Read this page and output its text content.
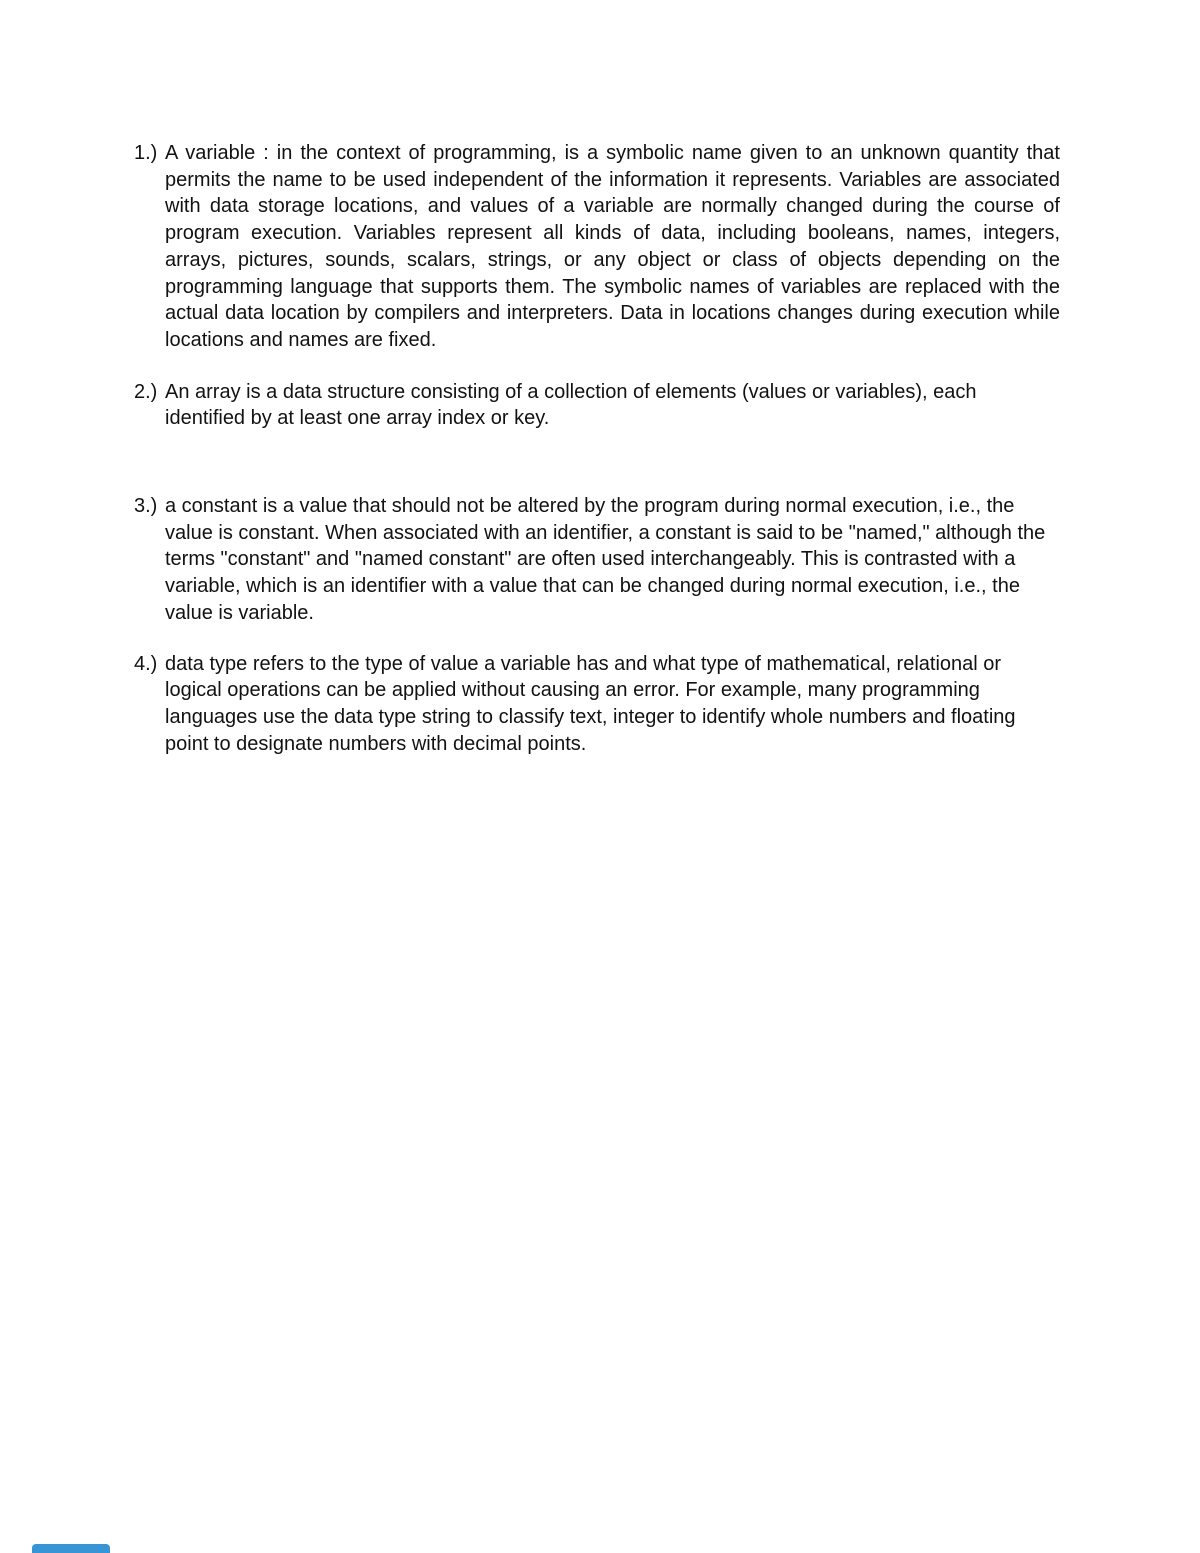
1.) A variable : in the context of programming, is a symbolic name given to an unknown quantity that permits the name to be used independent of the information it represents. Variables are associated with data storage locations, and values of a variable are normally changed during the course of program execution. Variables represent all kinds of data, including booleans, names, integers, arrays, pictures, sounds, scalars, strings, or any object or class of objects depending on the programming language that supports them. The symbolic names of variables are replaced with the actual data location by compilers and interpreters. Data in locations changes during execution while locations and names are fixed.

2.) An array is a data structure consisting of a collection of elements (values or variables), each identified by at least one array index or key.

3.) a constant is a value that should not be altered by the program during normal execution, i.e., the value is constant. When associated with an identifier, a constant is said to be "named," although the terms "constant" and "named constant" are often used interchangeably. This is contrasted with a variable, which is an identifier with a value that can be changed during normal execution, i.e., the value is variable.

4.) data type refers to the type of value a variable has and what type of mathematical, relational or logical operations can be applied without causing an error. For example, many programming languages use the data type string to classify text, integer to identify whole numbers and floating point to designate numbers with decimal points.
